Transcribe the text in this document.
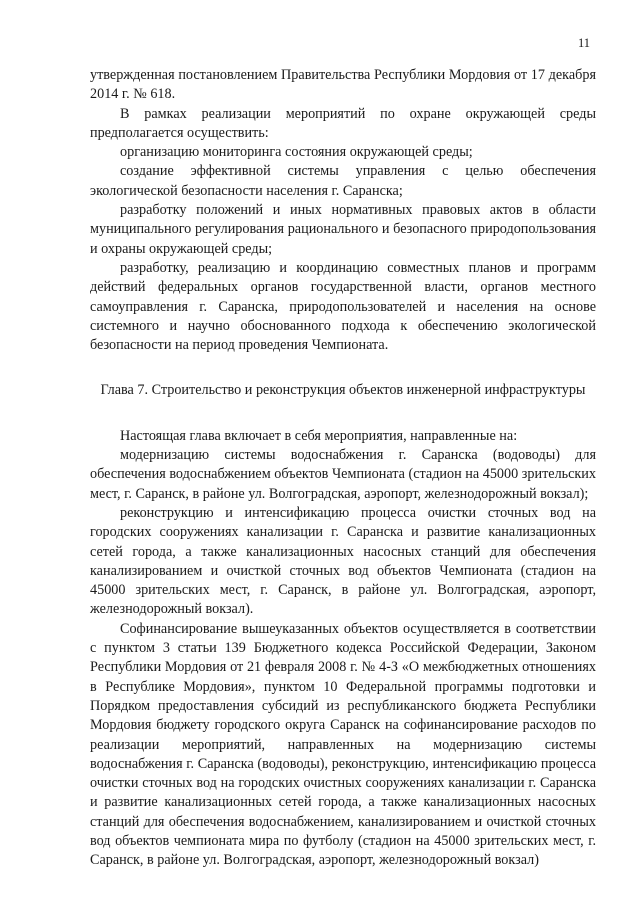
11

утвержденная постановлением Правительства Республики Мордовия от 17 декабря 2014 г. № 618.

В рамках реализации мероприятий по охране окружающей среды предполагается осуществить:

организацию мониторинга состояния окружающей среды;

создание эффективной системы управления с целью обеспечения экологической безопасности населения г. Саранска;

разработку положений и иных нормативных правовых актов в области муниципального регулирования рационального и безопасного природопользования и охраны окружающей среды;

разработку, реализацию и координацию совместных планов и программ действий федеральных органов государственной власти, органов местного самоуправления г. Саранска, природопользователей и населения на основе системного и научно обоснованного подхода к обеспечению экологической безопасности на период проведения Чемпионата.

Глава 7. Строительство и реконструкция объектов инженерной инфраструктуры

Настоящая глава включает в себя мероприятия, направленные на:

модернизацию системы водоснабжения г. Саранска (водоводы) для обеспечения водоснабжением объектов Чемпионата (стадион на 45000 зрительских мест, г. Саранск, в районе ул. Волгоградская, аэропорт, железнодорожный вокзал);

реконструкцию и интенсификацию процесса очистки сточных вод на городских сооружениях канализации г. Саранска и развитие канализационных сетей города, а также канализационных насосных станций для обеспечения канализированием и очисткой сточных вод объектов Чемпионата (стадион на 45000 зрительских мест, г. Саранск, в районе ул. Волгоградская, аэропорт, железнодорожный вокзал).

Софинансирование вышеуказанных объектов осуществляется в соответствии с пунктом 3 статьи 139 Бюджетного кодекса Российской Федерации, Законом Республики Мордовия от 21 февраля 2008 г. № 4-З «О межбюджетных отношениях в Республике Мордовия», пунктом 10 Федеральной программы подготовки и Порядком предоставления субсидий из республиканского бюджета Республики Мордовия бюджету городского округа Саранск на софинансирование расходов по реализации мероприятий, направленных на модернизацию системы водоснабжения г. Саранска (водоводы), реконструкцию, интенсификацию процесса очистки сточных вод на городских очистных сооружениях канализации г. Саранска и развитие канализационных сетей города, а также канализационных насосных станций для обеспечения водоснабжением, канализированием и очисткой сточных вод объектов чемпионата мира по футболу (стадион на 45000 зрительских мест, г. Саранск, в районе ул. Волгоградская, аэропорт, железнодорожный вокзал)
